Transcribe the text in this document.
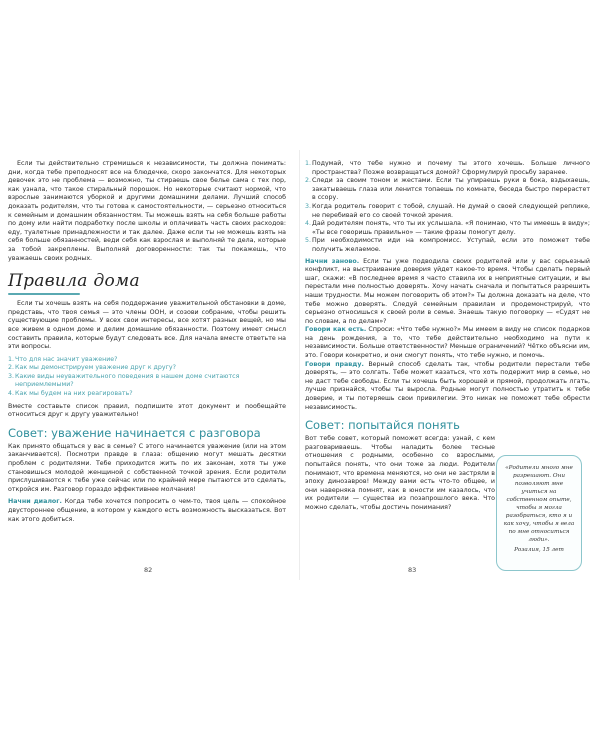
Если ты действительно стремишься к независимости, ты должна понимать: дни, когда тебе преподносят все на блюдечке, скоро закончатся. Для некоторых девочек это не проблема — возможно, ты стираешь свое белье сама с тех пор, как узнала, что такое стиральный порошок. Но некоторые считают нормой, что взрослые занимаются уборкой и другими домашними делами. Лучший способ доказать родителям, что ты готова к самостоятельности, — серьезно относиться к семейным и домашним обязанностям. Ты можешь взять на себя больше работы по дому или найти подработку после школы и оплачивать часть своих расходов: еду, туалетные принадлежности и так далее. Даже если ты не можешь взять на себя больше обязанностей, веди себя как взрослая и выполняй те дела, которые за тобой закреплены. Выполняй договоренности: так ты покажешь, что уважаешь своих родных.

Правила дома

Если ты хочешь взять на себя поддержание уважительной обстановки в доме, представь, что твоя семья — это члены ООН, и созови собрание, чтобы решить существующие проблемы. У всех свои интересы, все хотят разных вещей, но мы все живем в одном доме и делим домашние обязанности. Поэтому имеет смысл составить правила, которые будут следовать все. Для начала вместе ответьте на эти вопросы.

1. Что для нас значит уважение?
2. Как мы демонстрируем уважение друг к другу?
3. Какие виды неуважительного поведения в нашем доме считаются неприемлемыми?
4. Как мы будем на них реагировать?

Вместе составьте список правил, подпишите этот документ и пообещайте относиться друг к другу уважительно!

Совет: уважение начинается с разговора

Как принято общаться у вас в семье? С этого начинается уважение (или на этом заканчивается). Посмотри правде в глаза: общению могут мешать десятки проблем с родителями. Тебе приходится жить по их законам, хотя ты уже становишься молодой женщиной с собственной точкой зрения. Если родители прислушиваются к тебе уже сейчас или по крайней мере пытаются это сделать, откройся им. Разговор гораздо эффективнее молчания!

Начни диалог. Когда тебе хочется попросить о чем-то, твоя цель — спокойное двустороннее общение, в котором у каждого есть возможность высказаться. Вот как этого добиться.

82
1. Подумай, что тебе нужно и почему ты этого хочешь. Больше личного пространства? Позже возвращаться домой? Сформулируй просьбу заранее.
2. Следи за своим тоном и жестами. Если ты упираешь руки в бока, вздыхаешь, закатываешь глаза или ленится топаешь по комнате, беседа быстро перерастет в ссору.
3. Когда родитель говорит с тобой, слушай. Не думай о своей следующей реплике, не перебивай его со своей точкой зрения.
4. Дай родителям понять, что ты их услышала. «Я понимаю, что ты имеешь в виду»; «Ты все говоришь правильно» — такие фразы помогут делу.
5. При необходимости иди на компромисс. Уступай, если это поможет тебе получить желаемое.

Начни заново. Если ты уже подводила своих родителей или у вас серьезный конфликт, на выстраивание доверия уйдет какое-то время. Чтобы сделать первый шаг, скажи: «В последнее время я часто ставила их в неприятные ситуации, и вы перестали мне полностью доверять. Хочу начать сначала и попытаться разрешить наши трудности. Мы можем поговорить об этом?» Ты должна доказать на деле, что тебе можно доверять. Следуй семейным правилам и продемонстрируй, что серьезно относишься к своей роли в семье. Знаешь такую поговорку — «Судят не по словам, а по делам»?

Говори как есть. Спроси: «Что тебе нужно?» Мы имеем в виду не список подарков на день рождения, а то, что тебе действительно необходимо на пути к независимости. Больше ответственности? Меньше ограничений? Чётко объясни им, это. Говори конкретно, и они смогут понять, что тебе нужно, и помочь.

Говори правду. Верный способ сделать так, чтобы родители перестали тебе доверять, — это солгать. Тебе может казаться, что хоть подержит мир в семье, но не даст тебе свободы. Если ты хочешь быть хорошей и прямой, продолжать лгать, лучше признайся, чтобы ты выросла. Родные могут полностью утратить к тебе доверие, и ты потеряешь свои привилегии. Это никак не поможет тебе обрести независимость.

Совет: попытайся понять

Вот тебе совет, который поможет всегда: узнай, с кем разговариваешь. Чтобы наладить более тесные отношения с родными, особенно со взрослыми, попытайся понять, что они тоже за люди. Родители понимают, что времена меняются, но они не застряли в эпоху динозавров! Между вами есть что-то общее, и они наверняка помнят, как в юности им казалось, что их родители — существа из позапрошлого века. Что можно сделать, чтобы достичь понимания?

83
«Родители много мне разрешают. Они позволяют мне учиться на собственном опыте, чтобы я могла разобраться, кто я и как хочу, чтобы я вела по мне относиться люди».
Розалия, 15 лет
